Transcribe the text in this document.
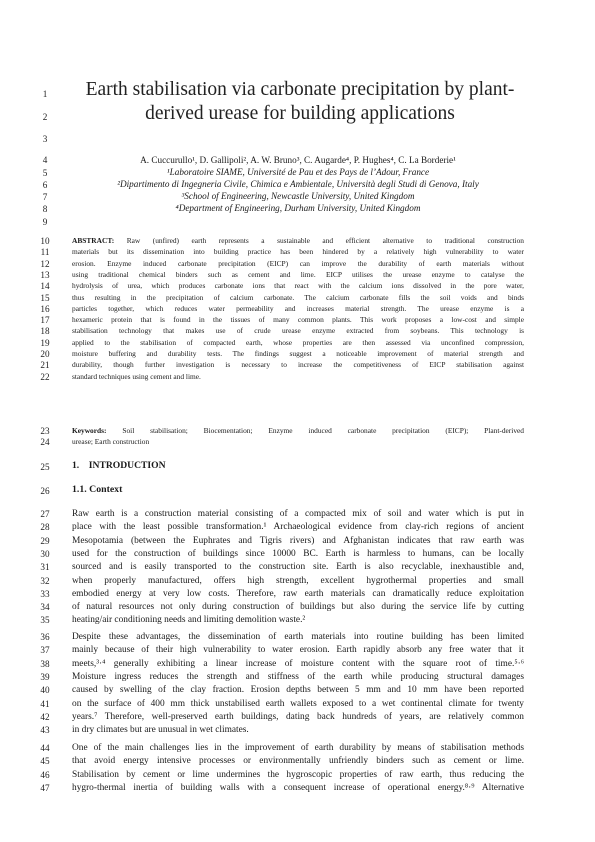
1	Earth stabilisation via carbonate precipitation by plant-
2	derived urease for building applications
3
4	A. Cuccurullo¹, D. Gallipoli², A. W. Bruno³, C. Augarde⁴, P. Hughes⁴, C. La Borderie¹
5	¹Laboratoire SIAME, Université de Pau et des Pays de l’Adour, France
6	²Dipartimento di Ingegneria Civile, Chimica e Ambientale, Università degli Studi di Genova, Italy
7	³School of Engineering, Newcastle University, United Kingdom
8	⁴Department of Engineering, Durham University, United Kingdom
9
10	ABSTRACT: Raw (unfired) earth represents a sustainable and efficient alternative to traditional construction
11	materials but its dissemination into building practice has been hindered by a relatively high vulnerability to water
12	erosion. Enzyme induced carbonate precipitation (EICP) can improve the durability of earth materials without
13	using traditional chemical binders such as cement and lime. EICP utilises the urease enzyme to catalyse the
14	hydrolysis of urea, which produces carbonate ions that react with the calcium ions dissolved in the pore water,
15	thus resulting in the precipitation of calcium carbonate. The calcium carbonate fills the soil voids and binds
16	particles together, which reduces water permeability and increases material strength. The urease enzyme is a
17	hexameric protein that is found in the tissues of many common plants. This work proposes a low-cost and simple
18	stabilisation technology that makes use of crude urease enzyme extracted from soybeans. This technology is
19	applied to the stabilisation of compacted earth, whose properties are then assessed via unconfined compression,
20	moisture buffering and durability tests. The findings suggest a noticeable improvement of material strength and
21	durability, though further investigation is necessary to increase the competitiveness of EICP stabilisation against
22	standard techniques using cement and lime.
23	Keywords: Soil stabilisation; Biocementation; Enzyme induced carbonate precipitation (EICP); Plant-derived
24	urease; Earth construction
25	1. INTRODUCTION
26	1.1. Context
27	Raw earth is a construction material consisting of a compacted mix of soil and water which is put in
28	place with the least possible transformation.¹ Archaeological evidence from clay-rich regions of ancient
29	Mesopotamia (between the Euphrates and Tigris rivers) and Afghanistan indicates that raw earth was
30	used for the construction of buildings since 10000 BC. Earth is harmless to humans, can be locally
31	sourced and is easily transported to the construction site. Earth is also recyclable, inexhaustible and,
32	when properly manufactured, offers high strength, excellent hygrothermal properties and small
33	embodied energy at very low costs. Therefore, raw earth materials can dramatically reduce exploitation
34	of natural resources not only during construction of buildings but also during the service life by cutting
35	heating/air conditioning needs and limiting demolition waste.²
36	Despite these advantages, the dissemination of earth materials into routine building has been limited
37	mainly because of their high vulnerability to water erosion. Earth rapidly absorb any free water that it
38	meets,³·⁴ generally exhibiting a linear increase of moisture content with the square root of time.⁵·⁶
39	Moisture ingress reduces the strength and stiffness of the earth while producing structural damages
40	caused by swelling of the clay fraction. Erosion depths between 5 mm and 10 mm have been reported
41	on the surface of 400 mm thick unstabilised earth wallets exposed to a wet continental climate for twenty
42	years.⁷ Therefore, well-preserved earth buildings, dating back hundreds of years, are relatively common
43	in dry climates but are unusual in wet climates.
44	One of the main challenges lies in the improvement of earth durability by means of stabilisation methods
45	that avoid energy intensive processes or environmentally unfriendly binders such as cement or lime.
46	Stabilisation by cement or lime undermines the hygroscopic properties of raw earth, thus reducing the
47	hygro-thermal inertia of building walls with a consequent increase of operational energy.⁸·⁹ Alternative
